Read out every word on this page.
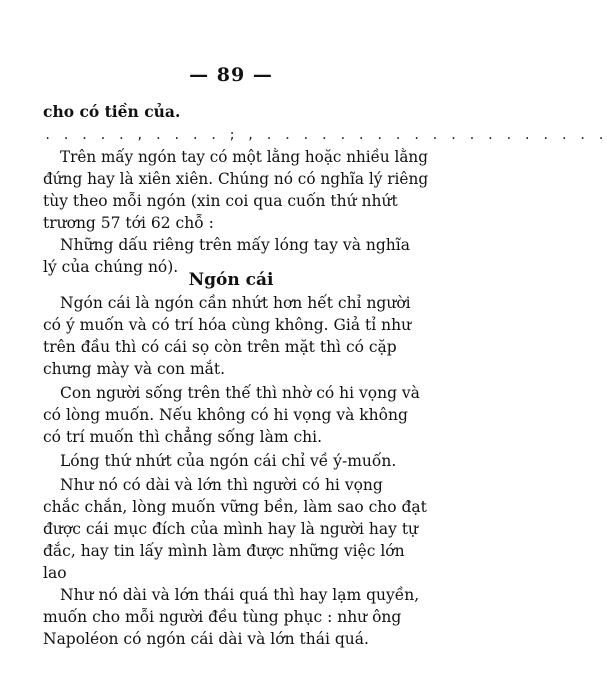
— 89 —
cho có tiền của.
. . . . . , . . . . ; , . . . . . . . . . . . . . . . . . . .
Trên mấy ngón tay có một lằng hoặc nhiều lằng
đứng hay là xiên xiên. Chúng nó có nghĩa lý riêng
tùy theo mỗi ngón (xin coi qua cuốn thứ nhứt
trương 57 tới 62 chỗ :
Những dấu riêng trên mấy lóng tay và nghĩa
lý của chúng nó).
Ngón cái
Ngón cái là ngón cần nhứt hơn hết chỉ người
có ý muốn và có trí hóa cùng không. Giả tỉ như
trên đầu thì có cái sọ còn trên mặt thì có cặp
chưng mày và con mắt.
Con người sống trên thế thì nhờ có hi vọng và
có lòng muốn. Nếu không có hi vọng và không
có trí muốn thì chẳng sống làm chi.
Lóng thứ nhứt của ngón cái chỉ về ý-muốn.
Như nó có dài và lớn thì người có hi vọng
chắc chắn, lòng muốn vững bền, làm sao cho đạt
được cái mục đích của mình hay là người hay tự
đắc, hay tin lấy mình làm được những việc lớn
lao
Như nó dài và lớn thái quá thì hay lạm quyền,
muốn cho mỗi người đều tùng phục : như ông
Napoléon có ngón cái dài và lớn thái quá.
